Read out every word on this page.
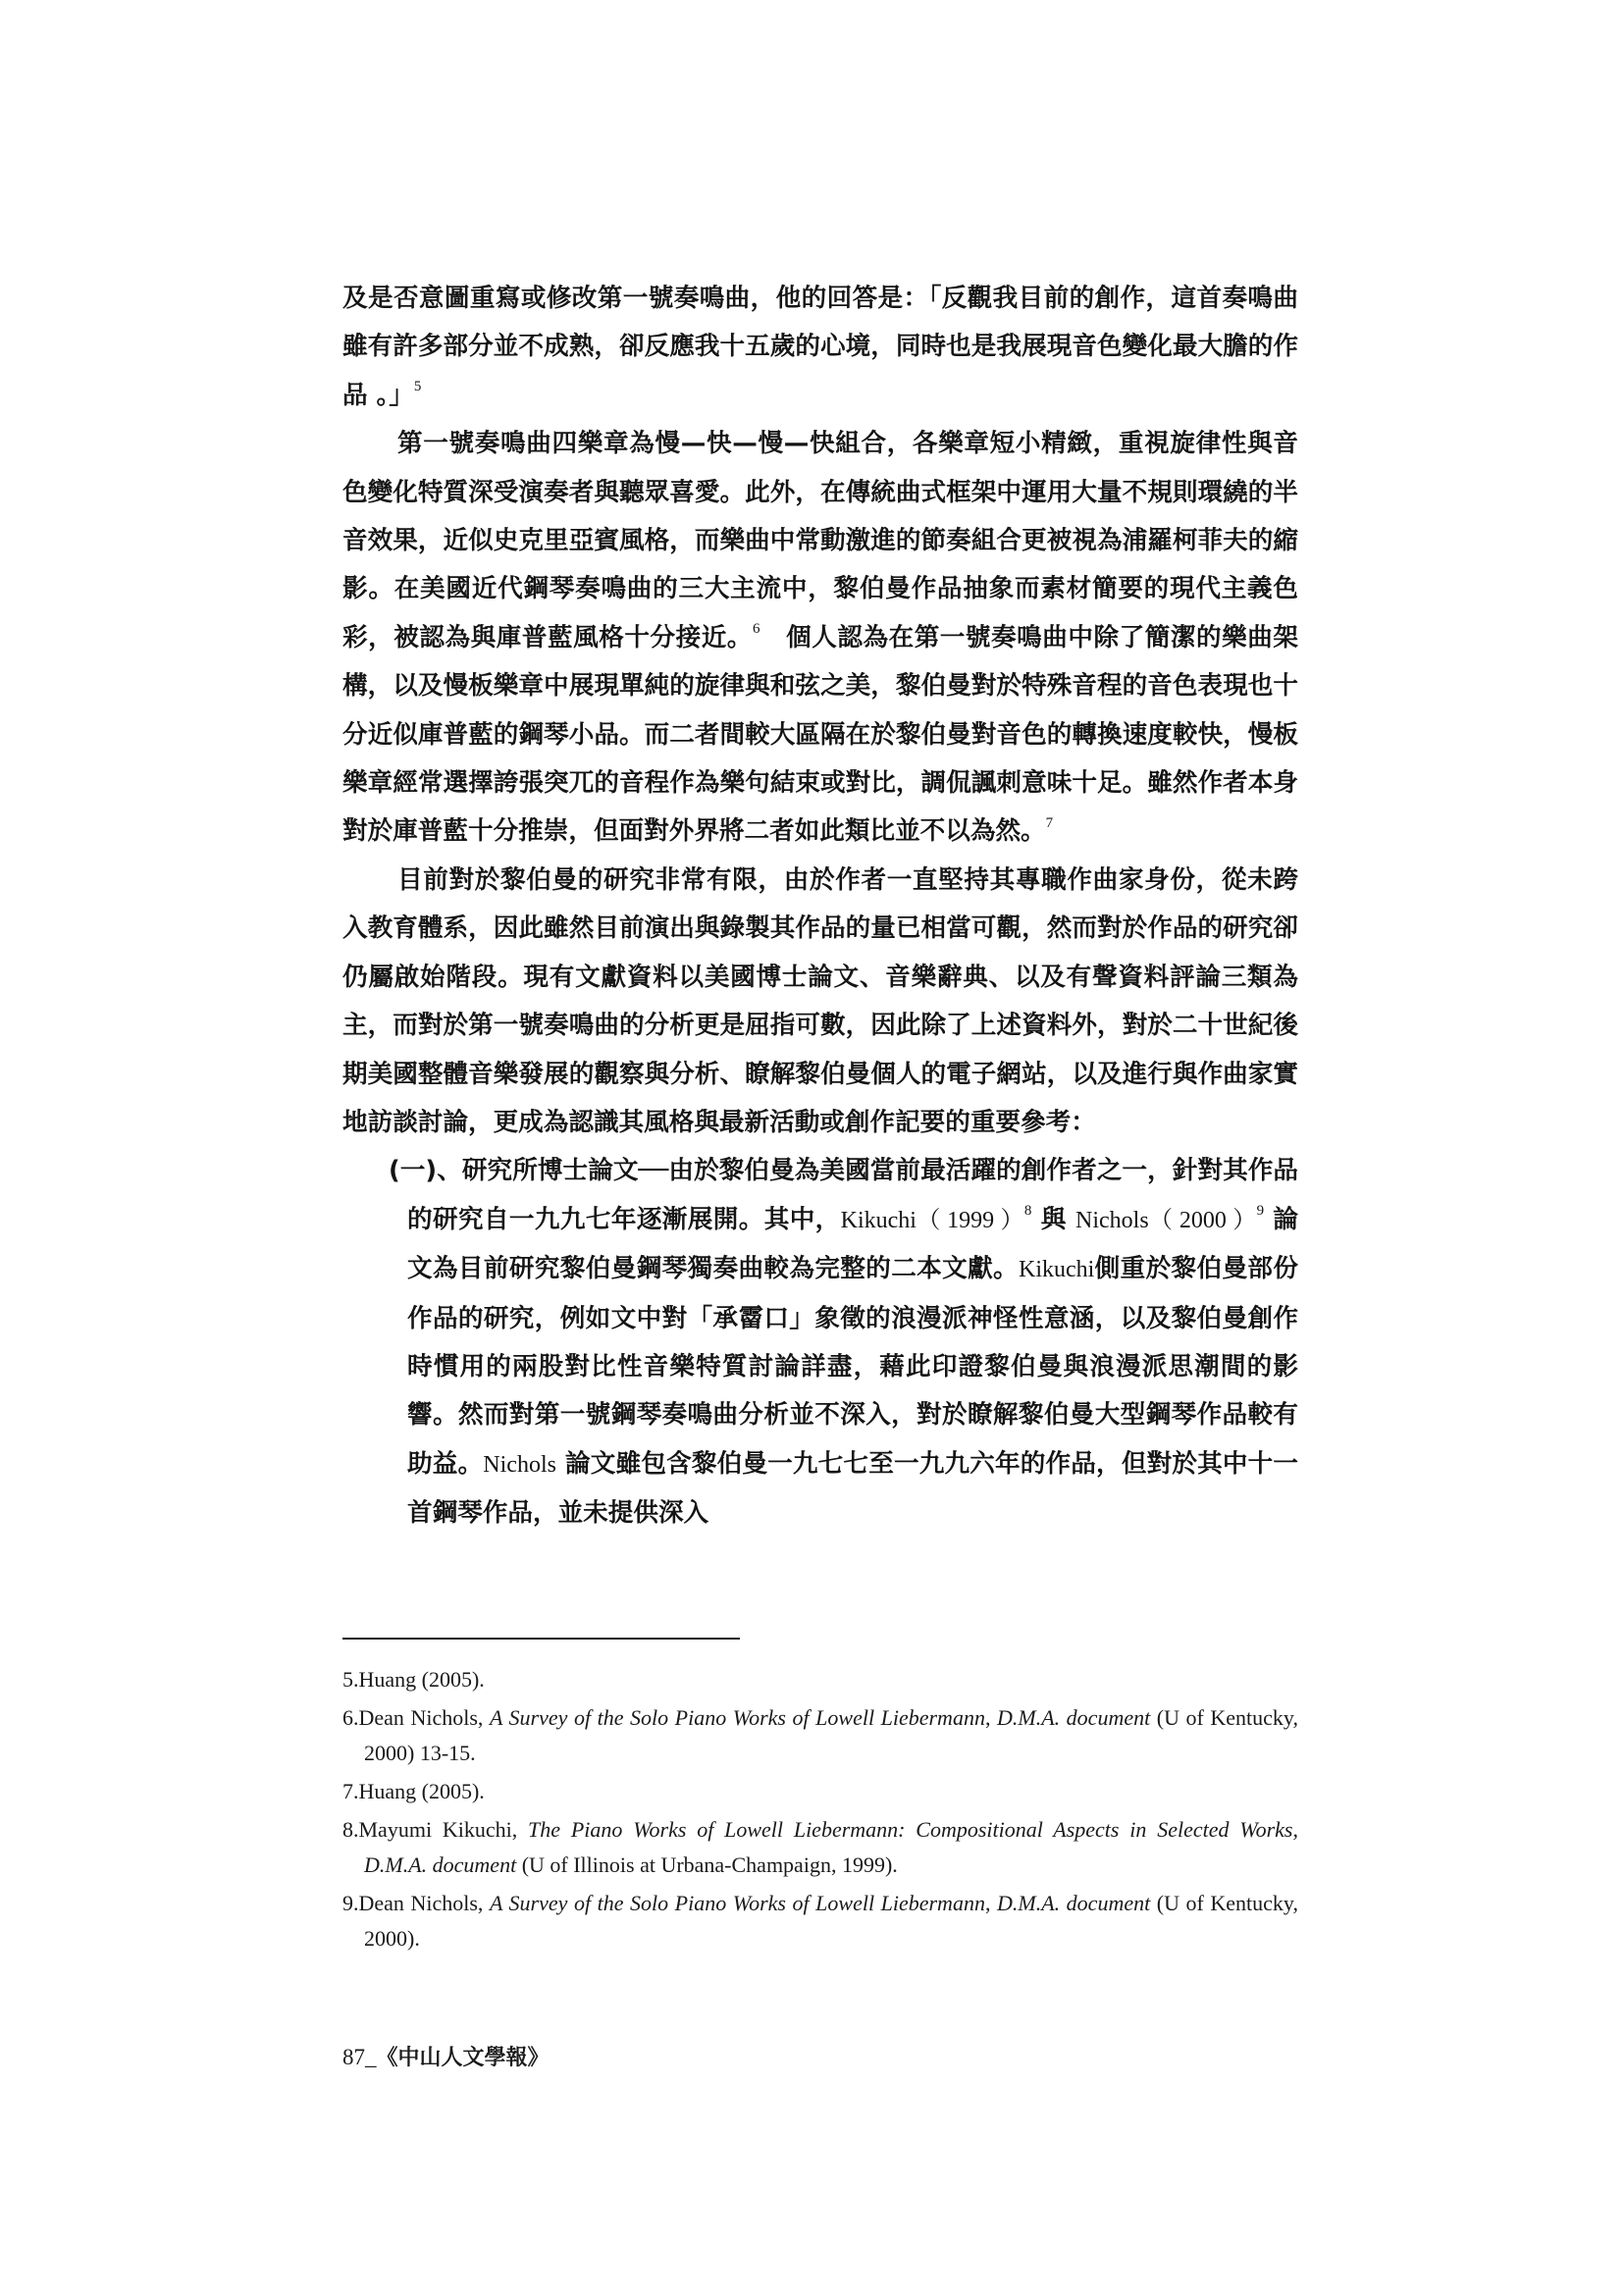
及是否意圖重寫或修改第一號奏鳴曲，他的回答是：「反觀我目前的創作，這首奏鳴曲雖有許多部分並不成熟，卻反應我十五歲的心境，同時也是我展現音色變化最大膽的作品 。」$^5$

第一號奏鳴曲四樂章為慢—快—慢—快組合，各樂章短小精緻，重視旋律性與音色變化特質深受演奏者與聽眾喜愛。此外，在傳統曲式框架中運用大量不規則環繞的半音效果，近似史克里亞賓風格，而樂曲中常動激進的節奏組合更被視為浦羅柯菲夫的縮影。在美國近代鋼琴奏鳴曲的三大主流中，黎伯曼作品抽象而素材簡要的現代主義色彩，被認為與庫普藍風格十分接近。$^6$　個人認為在第一號奏鳴曲中除了簡潔的樂曲架構，以及慢板樂章中展現單純的旋律與和弦之美，黎伯曼對於特殊音程的音色表現也十分近似庫普藍的鋼琴小品。而二者間較大區隔在於黎伯曼對音色的轉換速度較快，慢板樂章經常選擇誇張突兀的音程作為樂句結束或對比，調侃諷刺意味十足。雖然作者本身對於庫普藍十分推崇，但面對外界將二者如此類比並不以為然。$^7$

目前對於黎伯曼的研究非常有限，由於作者一直堅持其專職作曲家身份，從未跨入教育體系，因此雖然目前演出與錄製其作品的量已相當可觀，然而對於作品的研究卻仍屬啟始階段。現有文獻資料以美國博士論文、音樂辭典、以及有聲資料評論三類為主，而對於第一號奏鳴曲的分析更是屈指可數，因此除了上述資料外，對於二十世紀後期美國整體音樂發展的觀察與分析、瞭解黎伯曼個人的電子網站，以及進行與作曲家實地訪談討論，更成為認識其風格與最新活動或創作記要的重要參考：

(一)、研究所博士論文──由於黎伯曼為美國當前最活躍的創作者之一，針對其作品的研究自一九九七年逐漸展開。其中，Kikuchi（ 1999 ）$^8$ 與 Nichols（ 2000 ）$^9$ 論文為目前研究黎伯曼鋼琴獨奏曲較為完整的二本文獻。Kikuchi側重於黎伯曼部份作品的研究，例如文中對「承霤口」象徵的浪漫派神怪性意涵，以及黎伯曼創作時慣用的兩股對比性音樂特質討論詳盡，藉此印證黎伯曼與浪漫派思潮間的影響。然而對第一號鋼琴奏鳴曲分析並不深入，對於瞭解黎伯曼大型鋼琴作品較有助益。Nichols 論文雖包含黎伯曼一九七七至一九九六年的作品，但對於其中十一首鋼琴作品，並未提供深入

5.Huang (2005).

6.Dean Nichols, A Survey of the Solo Piano Works of Lowell Liebermann, D.M.A. document (U of Kentucky, 2000) 13-15.

7.Huang (2005).

8.Mayumi Kikuchi, The Piano Works of Lowell Liebermann: Compositional Aspects in Selected Works, D.M.A. document (U of Illinois at Urbana-Champaign, 1999).

9.Dean Nichols, A Survey of the Solo Piano Works of Lowell Liebermann, D.M.A. document (U of Kentucky, 2000).

87_《中山人文學報》
